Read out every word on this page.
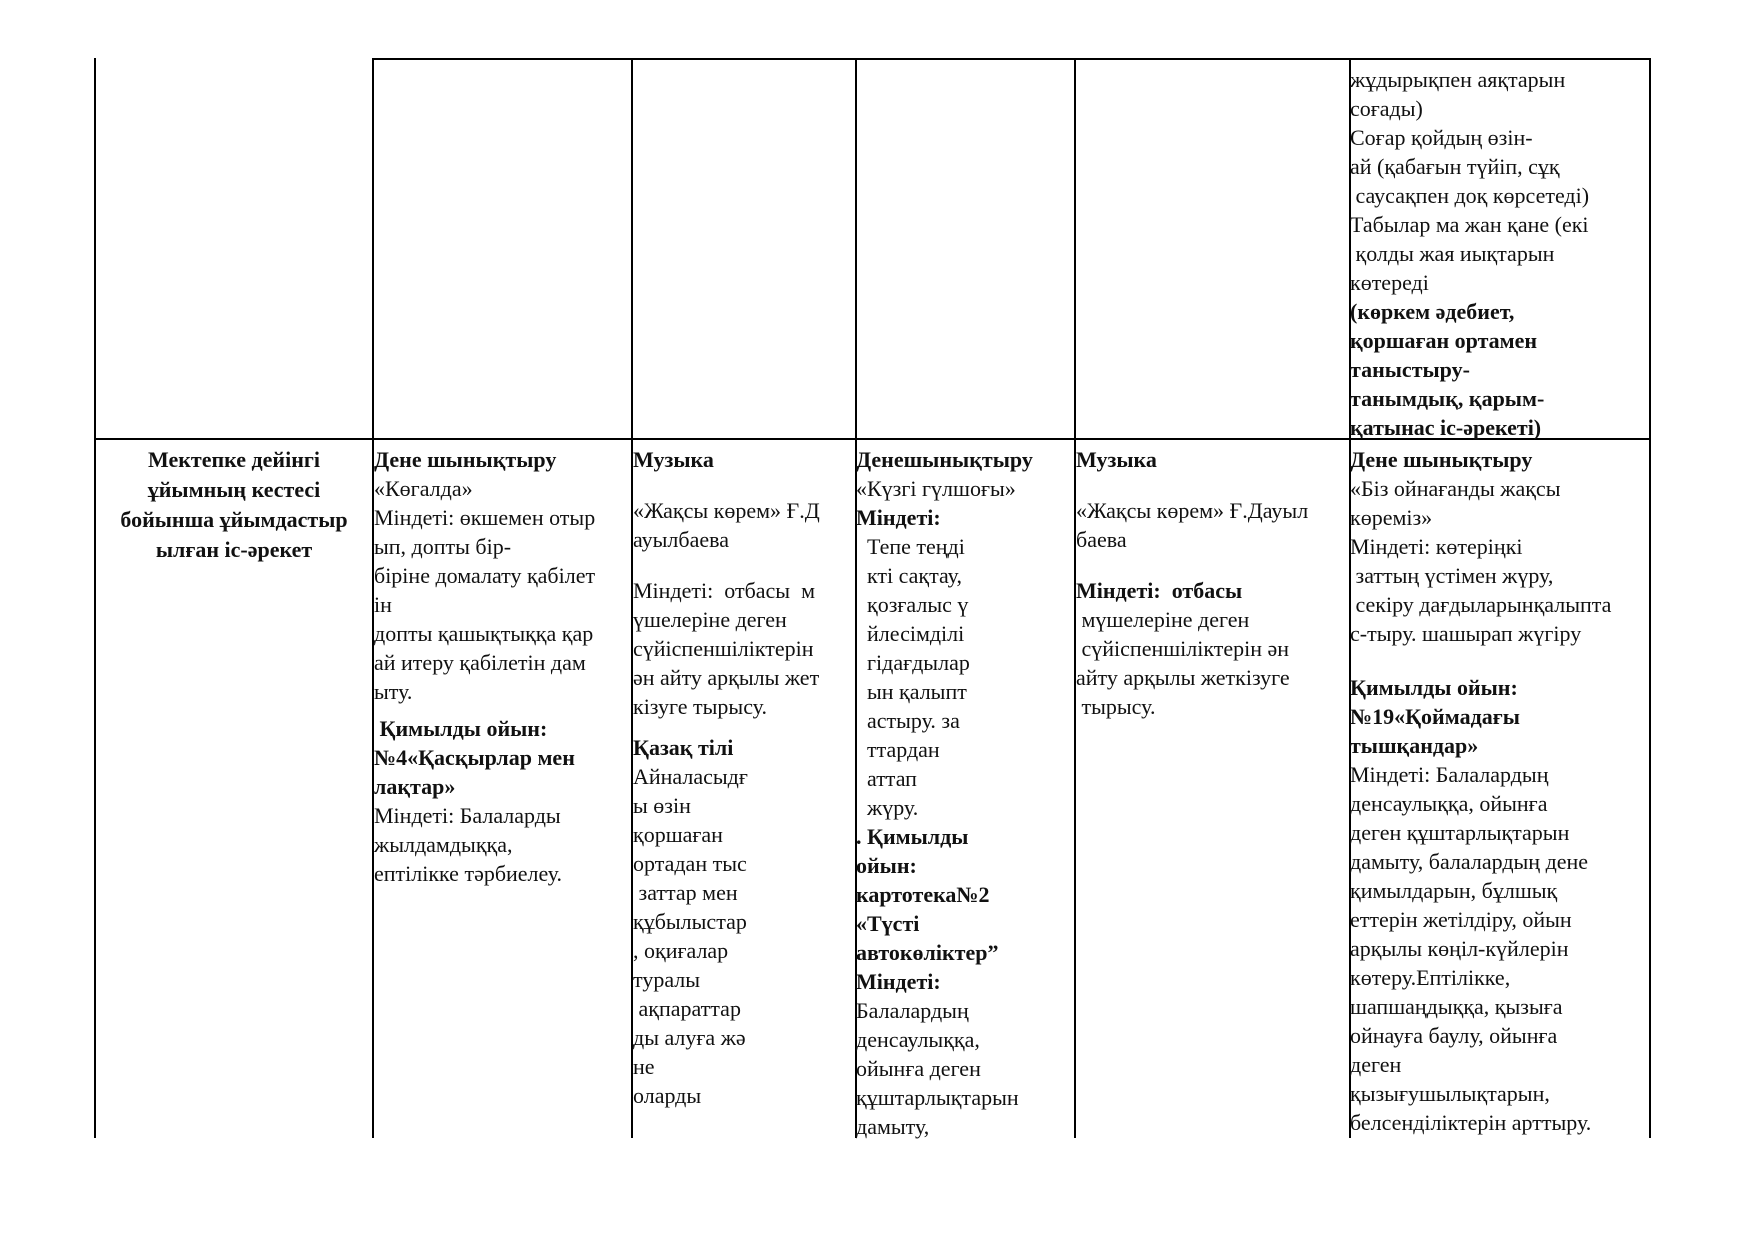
жұдырықпен аяқтарын
соғады)
Соғар қойдың өзін-
ай (қабағын түйіп, сұқ
саусақпен доқ көрсетеді)
Табылар ма жан қане (екі
қолды жая иықтарын
көтереді
(көркем әдебиет,
қоршаған ортамен
таныстыру-
танымдық, қарым-
қатынас іс-әрекеті)
Мектепке дейінгі
ұйымның кестесі
бойынша ұйымдастыр
ылған іс-әрекет
Дене шынықтыру
«Көгалда»
Міндеті: өкшемен отыр
ып, допты бір-
біріне домалату қабілет
ін
допты қашықтыққа қар
ай итеру қабілетін дам
ыту.
Қимылды ойын:
№4«Қасқырлар мен
лақтар»
Міндеті: Балаларды
жылдамдыққа,
ептілікке тәрбиелеу.
Музыка
«Жақсы көрем» Ғ.Д
ауылбаева
Міндеті:  отбасы  м
үшелеріне деген
сүйіспеншіліктерін
ән айту арқылы жет
кізуге тырысу.
Қазақ тілі
Айналасыдғ
ы өзін
қоршаған
ортадан тыс
заттар мен
құбылыстар
, оқиғалар
туралы
ақпараттар
ды алуға жә
не
оларды
Денешынықтыру
«Күзгі гүлшоғы»
Міндеті:
Тепе теңді
кті сақтау,
қозғалыс ү
йлесімділі
гідағдылар
ын қалыпт
астыру. за
ттардан
аттап
жүру.
. Қимылды
ойын:
картотека№2
«Түсті
автокөліктер”
Міндеті:
Балалардың
денсаулыққа,
ойынға деген
құштарлықтарын
дамыту,
Музыка
«Жақсы көрем» Ғ.Дауыл
баева
Міндеті:  отбасы
мүшелеріне деген
сүйіспеншіліктерін ән
айту арқылы жеткізуге
тырысу.
Дене шынықтыру
«Біз ойнағанды жақсы
көреміз»
Міндеті: көтеріңкі
заттың үстімен жүру,
секіру дағдыларынқалыпта
с-тыру. шашырап жүгіру
Қимылды ойын:
№19«Қоймадағы
тышқандар»
Міндеті: Балалардың
денсаулыққа, ойынға
деген құштарлықтарын
дамыту, балалардың дене
қимылдарын, бұлшық
еттерін жетілдіру, ойын
арқылы көңіл-күйлерін
көтеру.Ептілікке,
шапшаңдыққа, қызыға
ойнауға баулу, ойынға
деген
қызығушылықтарын,
белсенділіктерін арттыру.
